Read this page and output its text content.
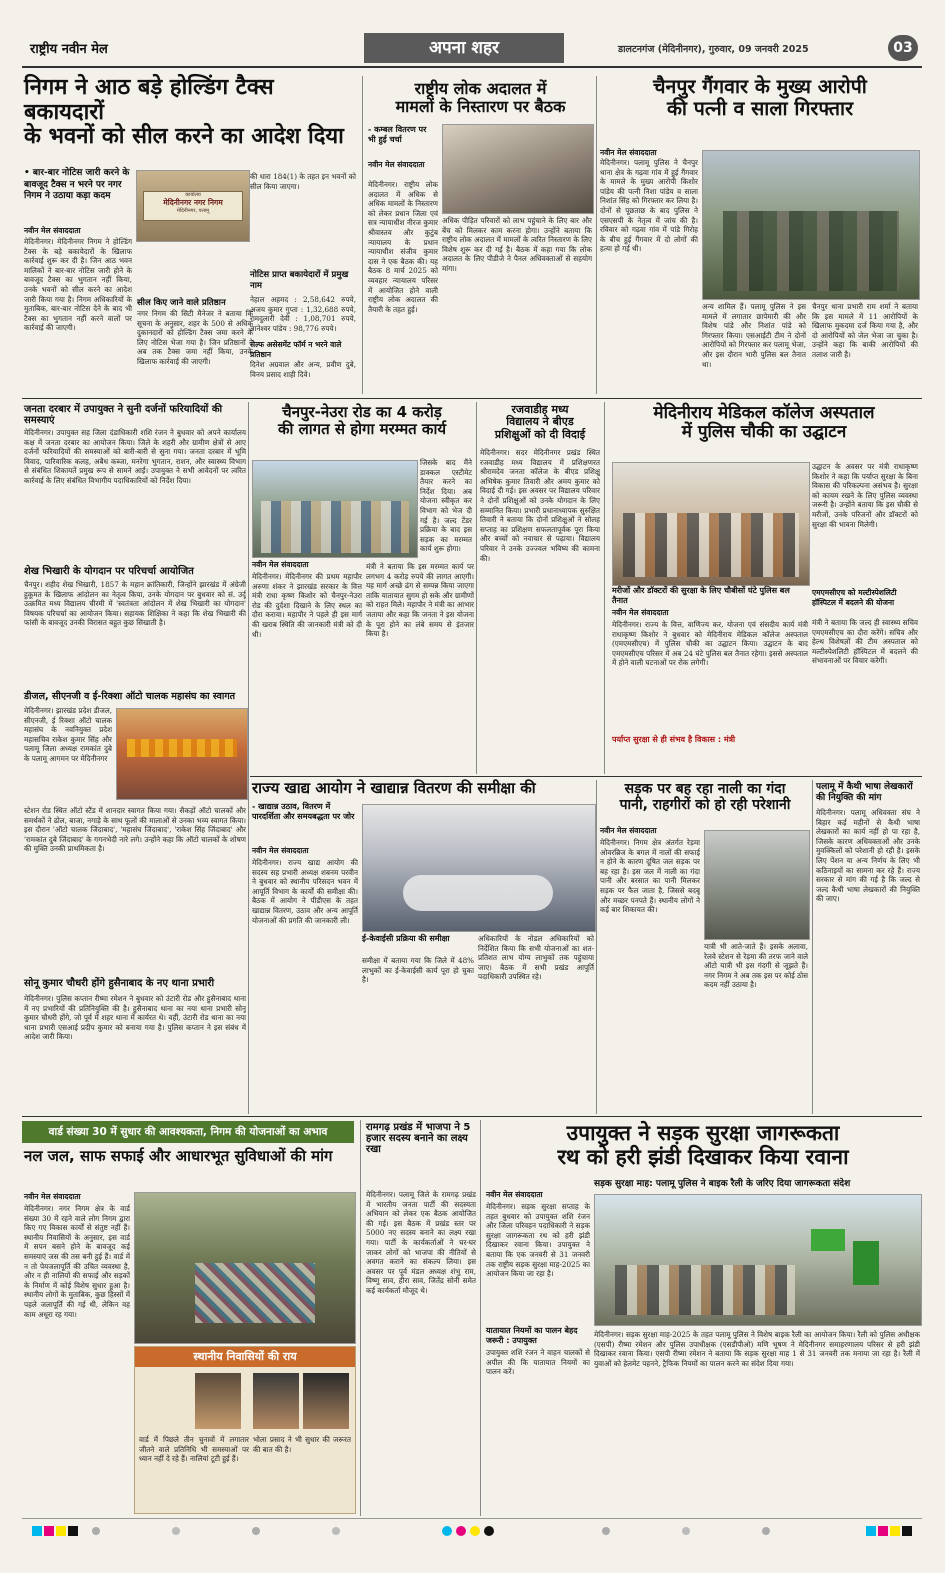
राष्ट्रीय नवीन मेल	अपना शहर	डालटनगंज (मेदिनीनगर), गुरुवार, 09 जनवरी 2025	03
निगम ने आठ बड़े होल्डिंग टैक्स बकायदारों
के भवनों को सील करने का आदेश दिया
• बार-बार नोटिस जारी करने के बावजूद टैक्स न भरने पर नगर निगम ने उठाया कड़ा कदम	कार्यालय
मेदिनीनगर नगर निगम
मेदिनीनगर, पलामू
नवीन मेल संवाददाता
मेदिनीनगर। मेदिनीनगर निगम ने होल्डिंग टैक्स के बड़े बकायेदारों के खिलाफ कार्रवाई शुरू कर दी है। जिन आठ भवन मालिकों ने बार-बार नोटिस जारी होने के बावजूद टैक्स का भुगतान नहीं किया, उनके भवनों को सील करने का आदेश जारी किया गया है। निगम अधिकारियों के मुताबिक, बार-बार नोटिस देने के बाद भी टैक्स का भुगतान नहीं करने वालों पर कार्रवाई की जाएगी।
की धारा 184(1) के तहत इन भवनों को सील किया जाएगा।
सील किए जाने वाले प्रतिष्ठान
नगर निगम की सिटी मैनेजर ने बताया कि सूचना के अनुसार, शहर के 500 से अधिक दुकानदारों को होल्डिंग टैक्स जमा करने के लिए नोटिस भेजा गया है। जिन प्रतिष्ठानों ने अब तक टैक्स जमा नहीं किया, उनके खिलाफ कार्रवाई की जाएगी।
नोटिस प्राप्त बकायेदारों में प्रमुख नाम
नेहाल अहमद : 2,58,642 रुपये, अजय कुमार गुप्ता : 1,32,688 रुपये, रामदुलारी देवी : 1,08,701 रुपये, ज्ञानेश्वर पांडेय : 98,776 रुपये।
सेल्फ असेसमेंट फॉर्म न भरने वाले प्रतिष्ठान
दिनेश अग्रवाल और अन्य, प्रवीण दुबे, विनय प्रसाद शाही दिवे।
राष्ट्रीय लोक अदालत में
मामलों के निस्तारण पर बैठक
- कम्बल वितरण पर भी हुई चर्चा
नवीन मेल संवाददाता
मेदिनीनगर। राष्ट्रीय लोक अदालत में अधिक से अधिक मामलों के निस्तारण को लेकर प्रधान जिला एवं सत्र न्यायाधीश नीरज कुमार श्रीवास्तव और कुटुंब न्यायालय के प्रधान न्यायाधीश संजीव कुमार दास ने एक बैठक की। यह बैठक 8 मार्च 2025 को व्यवहार न्यायालय परिसर में आयोजित होने वाली राष्ट्रीय लोक अदालत की तैयारी के तहत हुई।
अधिक पीड़ित परिवारों को लाभ पहुंचाने के लिए बार और बेंच को मिलकर काम करना होगा। उन्होंने बताया कि राष्ट्रीय लोक अदालत में मामलों के त्वरित निस्तारण के लिए विशेष शुरू कर दी गई है। बैठक में कहा गया कि लोक अदालत के लिए पीडीजे ने पैनल अधिवक्ताओं से सहयोग मांगा।
चैनपुर गैंगवार के मुख्य आरोपी
की पत्नी व साला गिरफ्तार
नवीन मेल संवाददाता
मेदिनीनगर। पलामू पुलिस ने चैनपुर थाना क्षेत्र के गढ़वा गांव में हुई गैंगवार के मामले के मुख्य आरोपी किशोर पांडेय की पत्नी निशा पांडेय व साला निशांत सिंह को गिरफ्तार कर लिया है। दोनों से पूछताछ के बाद पुलिस ने एसएसपी के नेतृत्व में जांच की है। रविवार को गढ़वा गांव में पांडे गिरोह के बीच हुई गैंगवार में दो लोगों की हत्या हो गई थी।
अन्य शामिल हैं। पलामू पुलिस ने इस मामले में लगातार छापेमारी की और विशेष पांडे और निशांत पांडे को गिरफ्तार किया। एसआईटी टीम ने दोनों आरोपियों को गिरफ्तार कर पलामू भेजा, और इस दौरान भारी पुलिस बल तैनात था।
चैनपुर थाना प्रभारी राम शर्मा ने बताया कि इस मामले में 11 आरोपियों के खिलाफ मुकदमा दर्ज किया गया है, और दो आरोपियों को जेल भेजा जा चुका है। उन्होंने कहा कि बाकी आरोपियों की तलाश जारी है।
जनता दरबार में उपायुक्त ने सुनी दर्जनों फरियादियों की समस्याएं
मेदिनीनगर। उपायुक्त सह जिला दंडाधिकारी शशि रंजन ने बुधवार को अपने कार्यालय कक्ष में जनता दरबार का आयोजन किया। जिले के शहरी और ग्रामीण क्षेत्रों से आए दर्जनों फरियादियों की समस्याओं को बारी-बारी से सुना गया। जनता दरबार में भूमि विवाद, पारिवारिक कलह, अबैध कब्जा, मनरेगा भुगतान, राशन, और स्वास्थ्य विभाग से संबंधित शिकायतें प्रमुख रूप से सामने आईं। उपायुक्त ने सभी आवेदनों पर त्वरित कार्रवाई के लिए संबंधित विभागीय पदाधिकारियों को निर्देश दिया।
शेख भिखारी के योगदान पर परिचर्चा आयोजित
चैनपुर। शहीद शेख भिखारी, 1857 के महान क्रांतिकारी, जिन्होंने झारखंड में अंग्रेजी हुकूमत के खिलाफ आंदोलन का नेतृत्व किया, उनके योगदान पर बुधवार को सं. उर्दू उत्क्रमित मध्य विद्यालय चीरमी में 'स्वतंत्रता आंदोलन में शेख भिखारी का योगदान' विषयक परिचर्चा का आयोजन किया। सहायक शिक्षिका ने कहा कि शेख भिखारी की फांसी के बावजूद उनकी विरासत बहुत कुछ सिखाती है।
डीजल, सीएनजी व ई-रिक्शा ऑटो चालक महासंघ का स्वागत
मेदिनीनगर। झारखंड प्रदेश डीजल, सीएनजी, ई रिक्शा ऑटो चालक महासंघ के नवनियुक्त प्रदेश महासचिव राकेश कुमार सिंह और पलामू जिला अध्यक्ष रामकांत दुबे के पलामू आगमन पर मेदिनीनगर
स्टेशन रोड स्थित ऑटो स्टैंड में शानदार स्वागत किया गया। सैकड़ों ऑटो चालकों और समर्थकों ने ढोल, बाजा, नगाड़े के साथ फूलों की मालाओं से उनका भव्य स्वागत किया। इस दौरान 'ऑटो चालक जिंदाबाद', 'महासंघ जिंदाबाद', 'राकेश सिंह जिंदाबाद' और 'रामकांत दुबे जिंदाबाद' के गगनभेदी नारे लगे। उन्होंने कहा कि ऑटो चालकों के शोषण की मुक्ति उनकी प्राथमिकता है।
सोनू कुमार चौधरी होंगे हुसैनाबाद के नए थाना प्रभारी
मेदिनीनगर। पुलिस कप्तान रीष्मा रमेशन ने बुधवार को उंटारी रोड और हुसैनाबाद थाना में नए प्रभारियों की प्रतिनियुक्ति की है। हुसैनाबाद थाना का नया थाना प्रभारी सोनू कुमार चौधरी होंगे, जो पूर्व में शहर थाना में कार्यरत थे। वहीं, उंटारी रोड थाना का नया थाना प्रभारी एसआई प्रदीप कुमार को बनाया गया है। पुलिस कप्तान ने इस संबंध में आदेश जारी किया।
चैनपुर-नेउरा रोड का 4 करोड़
की लागत से होगा मरम्मत कार्य
जिसके बाद मैंने डाक्कल एस्टीमेट तैयार करने का निर्देश दिया। अब योजना स्वीकृत कर विभाग को भेज दी गई है। जल्द टेंडर प्रक्रिया के बाद इस सड़क का मरम्मत कार्य शुरू होगा।
नवीन मेल संवाददाता
मेदिनीनगर। मेदिनीनगर की प्रथम महापौर अरुणा शंकर ने झारखंड सरकार के वित्त मंत्री राधा कृष्ण किशोर को चैनपुर-नेउरा रोड की दुर्दशा दिखाने के लिए स्थल का दौरा कराया। महापौर ने पहले ही इस मार्ग की खराब स्थिति की जानकारी मंत्री को दी थी।
मंत्री ने बताया कि इस मरम्मत कार्य पर लगभग 4 करोड़ रुपये की लागत आएगी। यह मार्ग अच्छे ढंग से सम्पन्न किया जाएगा ताकि यातायात सुगम हो सके और ग्रामीणों को राहत मिले। महापौर ने मंत्री का आभार जताया और कहा कि जनता ने इस योजना के पूरा होने का लंबे समय से इंतजार किया है।
रजवाडीह मध्य
विद्यालय ने बीएड
प्रशिक्षुओं को दी विदाई
मेदिनीनगर। सदर मेदिनीनगर प्रखंड स्थित रजवाडीह मध्य विद्यालय में प्रशिक्षणरत श्रीरामदेव जनता कॉलेज के बीएड प्रशिक्षु अभिषेक कुमार तिवारी और अमय कुमार को विदाई दी गई। इस अवसर पर विद्यालय परिवार ने दोनों प्रशिक्षुओं को उनके योगदान के लिए सम्मानित किया। प्रभारी प्रधानाध्यापक सुरुक्षित तिवारी ने बताया कि दोनों प्रशिक्षुओं ने सोलह सप्ताह का प्रशिक्षण सफलतापूर्वक पूरा किया और बच्चों को नवाचार से पढ़ाया। विद्यालय परिवार ने उनके उज्ज्वल भविष्य की कामना की।
मेदिनीराय मेडिकल कॉलेज अस्पताल
में पुलिस चौकी का उद्घाटन
उद्घाटन के अवसर पर मंत्री राधाकृष्ण किशोर ने कहा कि पर्याप्त सुरक्षा के बिना विकास की परिकल्पना असंभव है। सुरक्षा को कायम रखने के लिए पुलिस व्यवस्था जरूरी है। उन्होंने बताया कि इस चौकी से मरीजों, उनके परिजनों और डॉक्टरों को सुरक्षा की भावना मिलेगी।
मरीजों और डॉक्टरों की सुरक्षा के लिए चौबीसों घंटे पुलिस बल तैनात
नवीन मेल संवाददाता
मेदिनीनगर। राज्य के वित्त, वाणिज्य कर, योजना एवं संसदीय कार्य मंत्री राधाकृष्ण किशोर ने बुधवार को मेदिनीराय मेडिकल कॉलेज अस्पताल (एमएमसीएच) में पुलिस चौकी का उद्घाटन किया। उद्घाटन के बाद एमएमसीएच परिसर में अब 24 घंटे पुलिस बल तैनात रहेगा। इससे अस्पताल में होने वाली घटनाओं पर रोक लगेगी।
पर्याप्त सुरक्षा से ही संभव है विकास : मंत्री
एमएमसीएच को मल्टीस्पेशलिटी हॉस्पिटल में बदलने की योजना
मंत्री ने बताया कि जल्द ही स्वास्थ्य सचिव एमएमसीएच का दौरा करेंगे। सचिव और हेल्थ विशेषज्ञों की टीम अस्पताल को मल्टीस्पेशलिटी हॉस्पिटल में बदलने की संभावनाओं पर विचार करेगी।
राज्य खाद्य आयोग ने खाद्यान्न वितरण की समीक्षा की
- खाद्यान्न उठाव, वितरण में पारदर्शिता और समयबद्धता पर जोर
नवीन मेल संवाददाता
मेदिनीनगर। राज्य खाद्य आयोग की सदस्य सह प्रभारी अध्यक्ष शबनम परवीन ने बुधवार को स्थानीय परिसदन भवन में आपूर्ति विभाग के कार्यों की समीक्षा की। बैठक में आयोग ने पीडीएस के तहत खाद्यान्न वितरण, उठाव और अन्य आपूर्ति योजनाओं की प्रगति की जानकारी ली।
ई-केवाईसी प्रक्रिया की समीक्षा
समीक्षा में बताया गया कि जिले में 48% लाभुकों का ई-केवाईसी कार्य पूरा हो चुका है।
अधिकारियों के नोडल अधिकारियों को निर्देशित किया कि सभी योजनाओं का शत-प्रतिशत लाभ योग्य लाभुकों तक पहुंचाया जाए। बैठक में सभी प्रखंड आपूर्ति पदाधिकारी उपस्थित रहे।
सड़क पर बह रहा नाली का गंदा
पानी, राहगीरों को हो रही परेशानी
नवीन मेल संवाददाता
मेदिनीनगर। निगम क्षेत्र अंतर्गत रेड़मा ओवरब्रिज के बगल में नालों की सफाई न होने के कारण दूषित जल सड़क पर बह रहा है। इस जल में नाली का गंदा पानी और बरसात का पानी मिलकर सड़क पर फैल जाता है, जिससे बदबू और मच्छर पनपते हैं। स्थानीय लोगों ने कई बार शिकायत की।
यात्री भी आते-जाते हैं। इसके अलावा, रेलवे स्टेशन से रेड़मा की तरफ जाने वाले ऑटो यात्री भी इस गंदगी से जूझते हैं। नगर निगम ने अब तक इस पर कोई ठोस कदम नहीं उठाया है।
पलामू में कैथी भाषा लेखकारों की नियुक्ति की मांग
मेदिनीनगर। पलामू अधिवक्ता संघ ने बिहार कई महीनों से कैथी भाषा लेखकारों का कार्य नहीं हो पा रहा है, जिसके कारण अधिवक्ताओं और उनके मुवक्किलों को परेशानी हो रही है। इसके लिए पेंशन या अन्य निर्णय के लिए भी कठिनाइयों का सामना कर रहे हैं। राज्य सरकार से मांग की गई है कि जल्द से जल्द कैथी भाषा लेखकारों की नियुक्ति की जाए।
वार्ड संख्या 30 में सुधार की आवश्यकता, निगम की योजनाओं का अभाव
नल जल, साफ सफाई और आधारभूत सुविधाओं की मांग
नवीन मेल संवाददाता
मेदिनीनगर। नगर निगम क्षेत्र के वार्ड संख्या 30 में रहने वाले लोग निगम द्वारा किए गए विकास कार्यों से संतुष्ट नहीं हैं। स्थानीय निवासियों के अनुसार, इस वार्ड में सपन बसने होने के बावजूद कई समस्याएं जस की तस बनी हुई हैं। वार्ड में न तो पेयजलापूर्ति की उचित व्यवस्था है, और न ही नालियों की सफाई और सड़कों के निर्माण में कोई विशेष सुधार हुआ है। स्थानीय लोगों के मुताबिक, कुछ हिस्सों में पहले जलापूर्ति की गई थी, लेकिन वह काम अधूरा रह गया।
स्थानीय निवासियों की राय
वार्ड में पिछले तीन चुनावों में लगातार जीतने वाले प्रतिनिधि भी समस्याओं पर ध्यान नहीं दे रहे हैं। नालियां टूटी हुई हैं।
भोला प्रसाद ने भी सुधार की जरूरत की बात की है।
रामगढ़ प्रखंड में भाजपा ने 5 हजार सदस्य बनाने का लक्ष्य रखा
मेदिनीनगर। पलामू जिले के रामगढ़ प्रखंड में भारतीय जनता पार्टी की सदस्यता अभियान को लेकर एक बैठक आयोजित की गई। इस बैठक में प्रखंड स्तर पर 5000 नए सदस्य बनाने का लक्ष्य रखा गया। पार्टी के कार्यकर्ताओं ने घर-घर जाकर लोगों को भाजपा की नीतियों से अवगत कराने का संकल्प लिया। इस अवसर पर पूर्व मंडल अध्यक्ष शंभु राम, विष्णु साव, हीरा साव, जितेंद्र सोनी समेत कई कार्यकर्ता मौजूद थे।
उपायुक्त ने सड़क सुरक्षा जागरूकता
रथ को हरी झंडी दिखाकर किया रवाना
सड़क सुरक्षा माह: पलामू पुलिस ने बाइक रैली के जरिए दिया जागरूकता संदेश
नवीन मेल संवाददाता
मेदिनीनगर। सड़क सुरक्षा सप्ताह के तहत बुधवार को उपायुक्त शशि रंजन और जिला परिवहन पदाधिकारी ने सड़क सुरक्षा जागरूकता रथ को हरी झंडी दिखाकर रवाना किया। उपायुक्त ने बताया कि एक जनवरी से 31 जनवरी तक राष्ट्रीय सड़क सुरक्षा माह-2025 का आयोजन किया जा रहा है।
यातायात नियमों का पालन बेहद जरूरी : उपायुक्त
उपायुक्त शशि रंजन ने वाहन चालकों से अपील की कि यातायात नियमों का पालन करें।
मेदिनीनगर। सड़क सुरक्षा माह-2025 के तहत पलामू पुलिस ने विशेष बाइक रैली का आयोजन किया। रैली को पुलिस अधीक्षक (एसपी) रीष्मा रमेशन और पुलिस उपाधीक्षक (एसडीपीओ) मणि भूषण ने मेदिनीनगर समाहरणालय परिसर से हरी झंडी दिखाकर रवाना किया। एसपी रीष्मा रमेशन ने बताया कि सड़क सुरक्षा माह 1 से 31 जनवरी तक मनाया जा रहा है। रैली में युवाओं को हेलमेट पहनने, ट्रैफिक नियमों का पालन करने का संदेश दिया गया।
